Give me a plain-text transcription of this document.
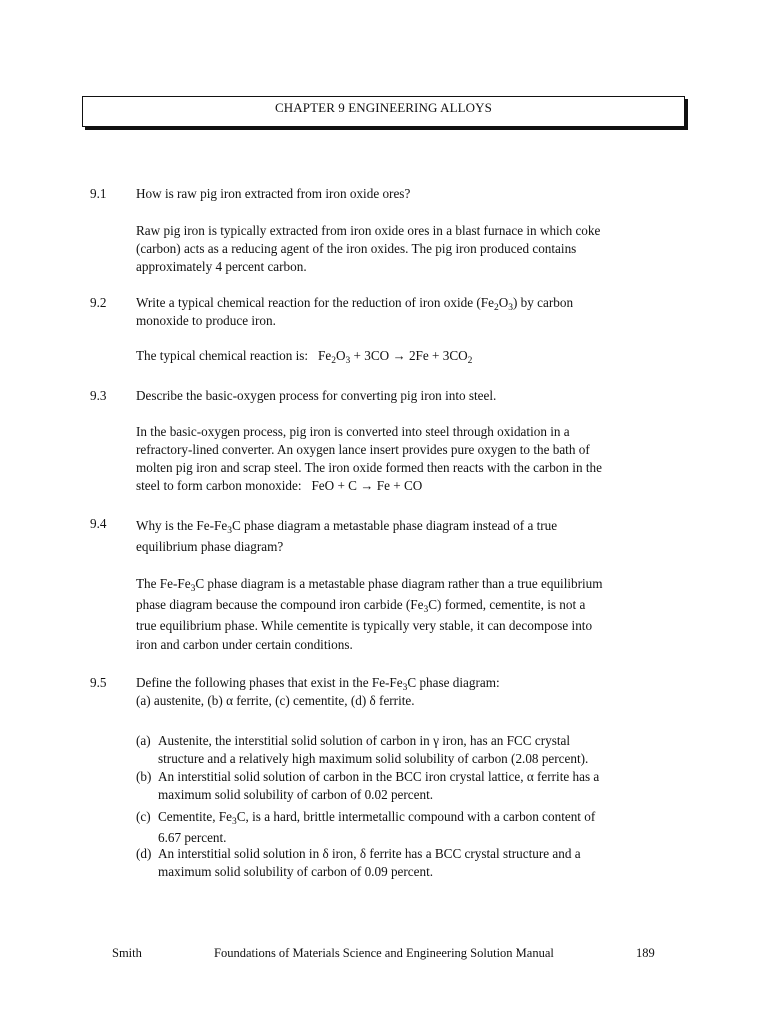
CHAPTER 9 ENGINEERING ALLOYS
9.1 How is raw pig iron extracted from iron oxide ores?
Raw pig iron is typically extracted from iron oxide ores in a blast furnace in which coke
(carbon) acts as a reducing agent of the iron oxides. The pig iron produced contains
approximately 4 percent carbon.
9.2 Write a typical chemical reaction for the reduction of iron oxide $(Fe_2O_3)$ by carbon
monoxide to produce iron.
The typical chemical reaction is: $Fe_2O_3 + 3CO \to 2Fe + 3CO_2$
9.3 Describe the basic-oxygen process for converting pig iron into steel.
In the basic-oxygen process, pig iron is converted into steel through oxidation in a
refractory-lined converter. An oxygen lance insert provides pure oxygen to the bath of
molten pig iron and scrap steel. The iron oxide formed then reacts with the carbon in the
steel to form carbon monoxide: FeO + C → Fe + CO
9.4 Why is the $Fe-Fe_3C$ phase diagram a metastable phase diagram instead of a true
equilibrium phase diagram?
The $Fe-Fe_3C$ phase diagram is a metastable phase diagram rather than a true equilibrium
phase diagram because the compound iron carbide $(Fe_3C)$ formed, cementite, is not a
true equilibrium phase. While cementite is typically very stable, it can decompose into
iron and carbon under certain conditions.
9.5 Define the following phases that exist in the $Fe-Fe_3C$ phase diagram:
(a) austenite, (b) α ferrite, (c) cementite, (d) δ ferrite.
(a) Austenite, the interstitial solid solution of carbon in γ iron, has an FCC crystal
structure and a relatively high maximum solid solubility of carbon (2.08 percent).
(b) An interstitial solid solution of carbon in the BCC iron crystal lattice, α ferrite has a
maximum solid solubility of carbon of 0.02 percent.
(c) Cementite, $Fe_3C$, is a hard, brittle intermetallic compound with a carbon content of
6.67 percent.
(d) An interstitial solid solution in δ iron, δ ferrite has a BCC crystal structure and a
maximum solid solubility of carbon of 0.09 percent.
Smith	Foundations of Materials Science and Engineering Solution Manual	189
